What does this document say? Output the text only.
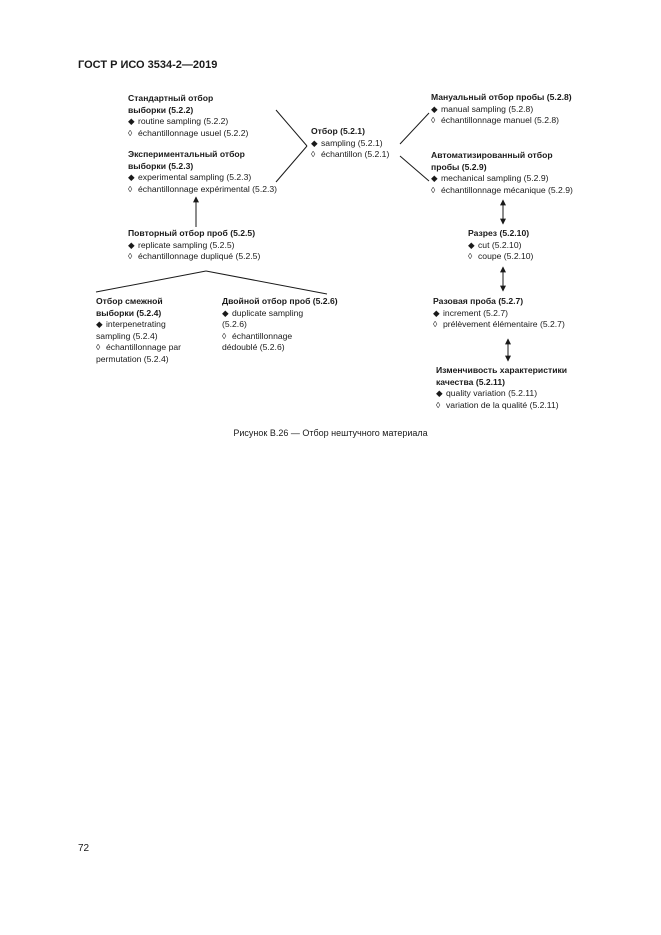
ГОСТ Р ИСО 3534-2—2019
Стандартный отбор
выборки (5.2.2)
◆ routine sampling (5.2.2)
◊ échantillonnage usuel (5.2.2)
Экспериментальный отбор
выборки (5.2.3)
◆ experimental sampling (5.2.3)
◊ échantillonnage expérimental (5.2.3)
Отбор (5.2.1)
◆ sampling (5.2.1)
◊ échantillon (5.2.1)
Мануальный отбор пробы (5.2.8)
◆ manual sampling (5.2.8)
◊ échantillonnage manuel (5.2.8)
Автоматизированный отбор
пробы (5.2.9)
◆ mechanical sampling (5.2.9)
◊ échantillonnage mécanique (5.2.9)
Повторный отбор проб (5.2.5)
◆ replicate sampling (5.2.5)
◊ échantillonnage dupliqué (5.2.5)
Разрез (5.2.10)
◆ cut (5.2.10)
◊ coupe (5.2.10)
Отбор смежной
выборки (5.2.4)
◆ interpenetrating
sampling (5.2.4)
◊ échantillonnage par
permutation (5.2.4)
Двойной отбор проб (5.2.6)
◆ duplicate sampling
(5.2.6)
◊ échantillonnage
dédoublé (5.2.6)
Разовая проба (5.2.7)
◆ increment (5.2.7)
◊ prélèvement élémentaire (5.2.7)
Изменчивость характеристики
качества (5.2.11)
◆ quality variation (5.2.11)
◊ variation de la qualité (5.2.11)
Рисунок В.26 — Отбор нештучного материала
72
